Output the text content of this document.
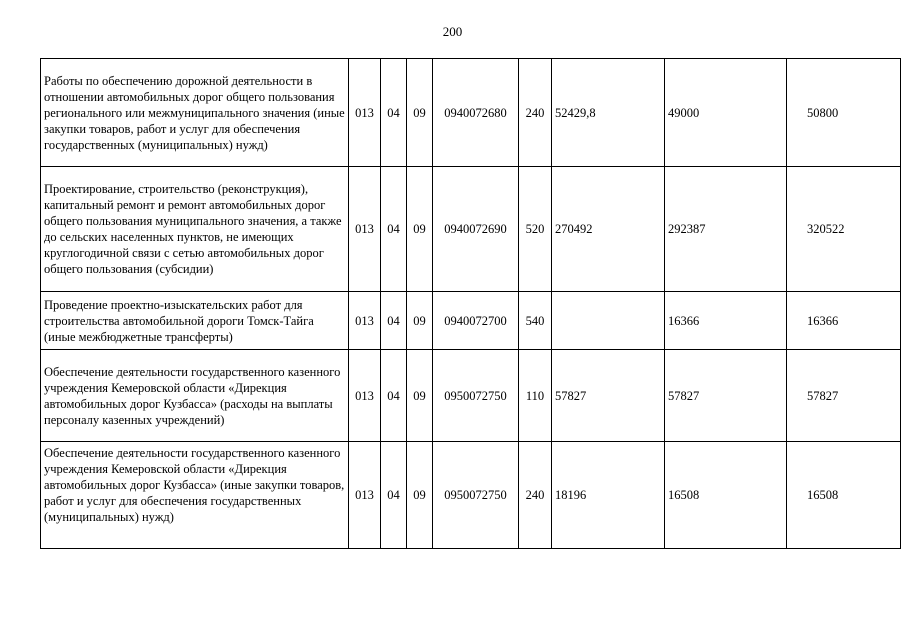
200
Работы по обеспечению дорожной деятельности в отношении автомобильных дорог общего пользования регионального или межмуниципального значения (иные закупки товаров, работ и услуг для обеспечения государственных (муниципальных) нужд)	013	04	09	0940072680	240	52429,8	49000	50800
Проектирование, строительство (реконструкция), капитальный ремонт и ремонт автомобильных дорог общего пользования муниципального значения, а также до сельских населенных пунктов, не имеющих круглогодичной связи с сетью автомобильных дорог общего пользования (субсидии)	013	04	09	0940072690	520	270492	292387	320522
Проведение проектно-изыскательских работ для строительства автомобильной дороги Томск-Тайга (иные межбюджетные трансферты)	013	04	09	0940072700	540		16366	16366
Обеспечение деятельности государственного казенного учреждения Кемеровской области «Дирекция автомобильных дорог Кузбасса» (расходы на выплаты персоналу казенных учреждений)	013	04	09	0950072750	110	57827	57827	57827
Обеспечение деятельности государственного казенного учреждения Кемеровской области «Дирекция автомобильных дорог Кузбасса» (иные закупки товаров, работ и услуг для обеспечения государственных (муниципальных) нужд)	013	04	09	0950072750	240	18196	16508	16508
